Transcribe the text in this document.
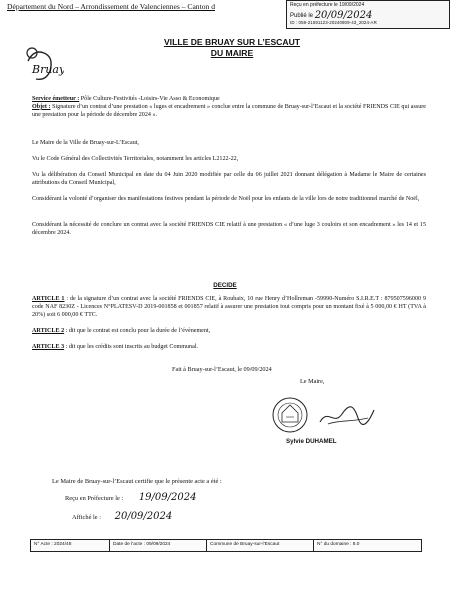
Département du Nord – Arrondissement de Valenciennes – Canton d	Reçu en préfecture le 19/09/2024
Publié le 20/09/2024
ID : 059-21591123-20240909-43_2024-AR
Bruay
VILLE DE BRUAY SUR L’ESCAUT
DU MAIRE
Service émetteur : Pôle Culture-Festivités -Loisirs-Vie Asso & Economique
Objet : Signature d’un contrat d’une prestation « luges et encadrement » conclue entre la commune de Bruay-sur-l’Escaut et la société FRIENDS CIE qui assure une prestation pour la période de décembre 2024 ».
Le Maire de la Ville de Bruay-sur-L’Escaut,
Vu le Code Général des Collectivités Territoriales, notamment les articles L2122-22,
Vu la délibération du Conseil Municipal en date du 04 Juin 2020 modifiée par celle du 06 juillet 2021 donnant délégation à Madame le Maire de certaines attributions du Conseil Municipal,
Considérant la volonté d’organiser des manifestations festives pendant la période de Noël pour les enfants de la ville lors de notre traditionnel marché de Noël,
Considérant la nécessité de conclure un contrat avec la société FRIENDS CIE relatif à une prestation « d’une luge 3 couloirs et son encadrement » les 14 et 15 décembre 2024.
DECIDE
ARTICLE 1 : de la signature d’un contrat avec la société FRIENDS CIE, à Roubaix, 10 rue Henry d’Hollreman -59990-Numéro S.I.R.E.T : 879507596000 9 code NAF 8230Z - Licences N°PLATESV-D 2019-001858 et 001857 relatif à assurer une prestation tout compris pour un montant fixé à 5 000,00 € HT (TVA à 20%) soit 6 000,00 € TTC.
ARTICLE 2 : dit que le contrat est conclu pour la durée de l’évènement,
ARTICLE 3 : dit que les crédits sont inscrits au budget Communal.
Fait à Bruay-sur-l’Escaut, le 09/09/2024
Le Maire,
Sylvie DUHAMEL
Le Maire de Bruay-sur-l’Escaut certifie que le présente acte a été :
Reçu en Préfecture le : 19/09/2024
Affiché le : 20/09/2024
N° Acte : 2024/48	Date de l’acte : 09/09/2024	Commune de Bruay-sur-l’Escaut	N° du domaine : 8.0
